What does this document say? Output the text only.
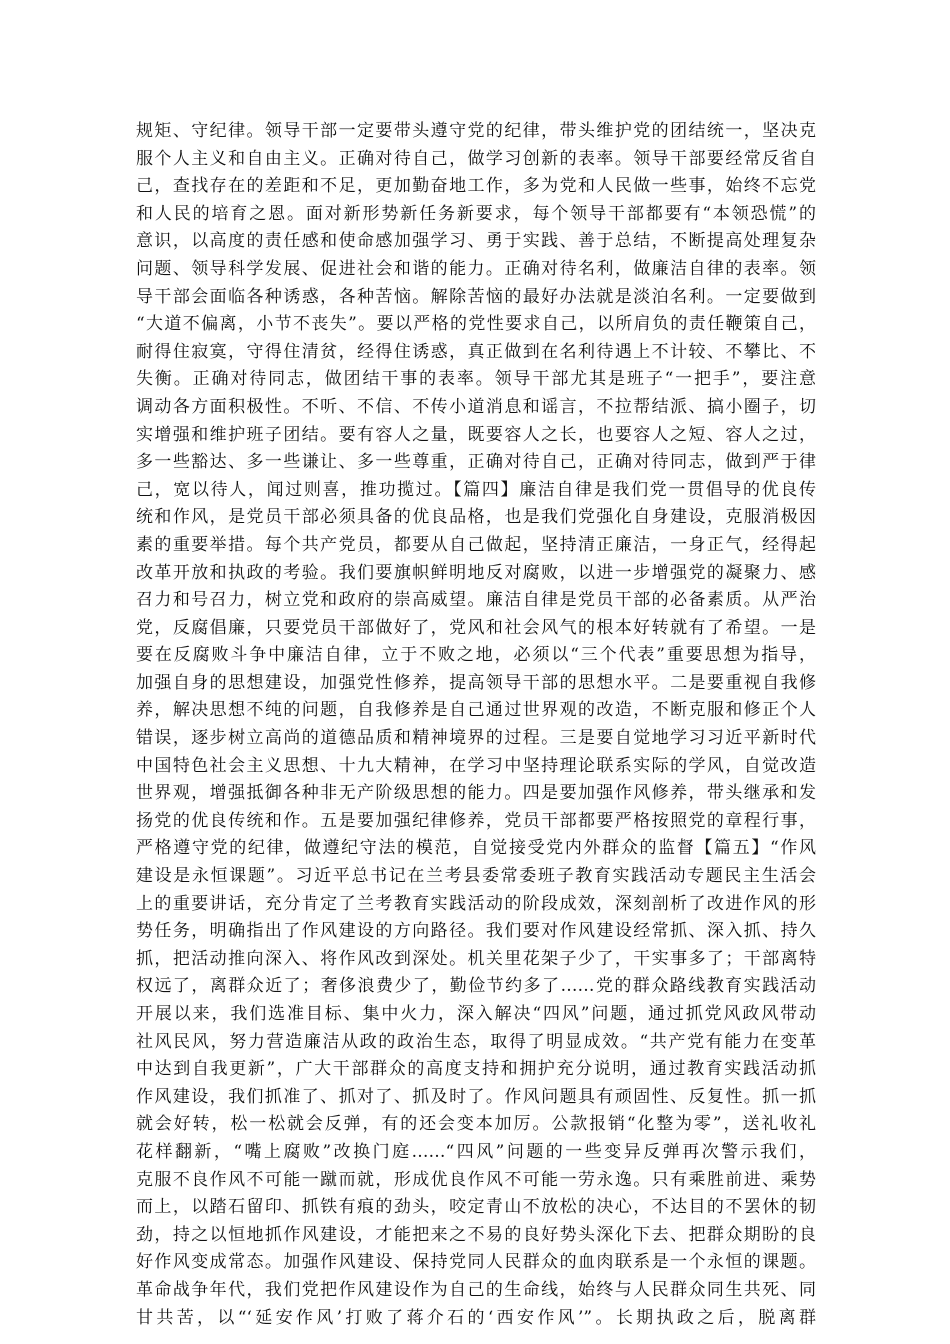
规矩、守纪律。领导干部一定要带头遵守党的纪律，带头维护党的团结统一，坚决克
服个人主义和自由主义。正确对待自己，做学习创新的表率。领导干部要经常反省自
己，查找存在的差距和不足，更加勤奋地工作，多为党和人民做一些事，始终不忘党
和人民的培育之恩。面对新形势新任务新要求，每个领导干部都要有“本领恐慌”的
意识，以高度的责任感和使命感加强学习、勇于实践、善于总结，不断提高处理复杂
问题、领导科学发展、促进社会和谐的能力。正确对待名利，做廉洁自律的表率。领
导干部会面临各种诱惑，各种苦恼。解除苦恼的最好办法就是淡泊名利。一定要做到
“大道不偏离，小节不丧失”。要以严格的党性要求自己，以所肩负的责任鞭策自己，
耐得住寂寞，守得住清贫，经得住诱惑，真正做到在名利待遇上不计较、不攀比、不
失衡。正确对待同志，做团结干事的表率。领导干部尤其是班子“一把手”，要注意
调动各方面积极性。不听、不信、不传小道消息和谣言，不拉帮结派、搞小圈子，切
实增强和维护班子团结。要有容人之量，既要容人之长，也要容人之短、容人之过，
多一些豁达、多一些谦让、多一些尊重，正确对待自己，正确对待同志，做到严于律
己，宽以待人，闻过则喜，推功揽过。【篇四】廉洁自律是我们党一贯倡导的优良传
统和作风，是党员干部必须具备的优良品格，也是我们党强化自身建设，克服消极因
素的重要举措。每个共产党员，都要从自己做起，坚持清正廉洁，一身正气，经得起
改革开放和执政的考验。我们要旗帜鲜明地反对腐败，以进一步增强党的凝聚力、感
召力和号召力，树立党和政府的崇高威望。廉洁自律是党员干部的必备素质。从严治
党，反腐倡廉，只要党员干部做好了，党风和社会风气的根本好转就有了希望。一是
要在反腐败斗争中廉洁自律，立于不败之地，必须以“三个代表”重要思想为指导，
加强自身的思想建设，加强党性修养，提高领导干部的思想水平。二是要重视自我修
养，解决思想不纯的问题，自我修养是自己通过世界观的改造，不断克服和修正个人
错误，逐步树立高尚的道德品质和精神境界的过程。三是要自觉地学习习近平新时代
中国特色社会主义思想、十九大精神，在学习中坚持理论联系实际的学风，自觉改造
世界观，增强抵御各种非无产阶级思想的能力。四是要加强作风修养，带头继承和发
扬党的优良传统和作。五是要加强纪律修养，党员干部都要严格按照党的章程行事，
严格遵守党的纪律，做遵纪守法的模范，自觉接受党内外群众的监督【篇五】“作风
建设是永恒课题”。习近平总书记在兰考县委常委班子教育实践活动专题民主生活会
上的重要讲话，充分肯定了兰考教育实践活动的阶段成效，深刻剖析了改进作风的形
势任务，明确指出了作风建设的方向路径。我们要对作风建设经常抓、深入抓、持久
抓，把活动推向深入、将作风改到深处。机关里花架子少了，干实事多了；干部离特
权远了，离群众近了；奢侈浪费少了，勤俭节约多了……党的群众路线教育实践活动
开展以来，我们选准目标、集中火力，深入解决“四风”问题，通过抓党风政风带动
社风民风，努力营造廉洁从政的政治生态，取得了明显成效。“共产党有能力在变革
中达到自我更新”，广大干部群众的高度支持和拥护充分说明，通过教育实践活动抓
作风建设，我们抓准了、抓对了、抓及时了。作风问题具有顽固性、反复性。抓一抓
就会好转，松一松就会反弹，有的还会变本加厉。公款报销“化整为零”，送礼收礼
花样翻新，“嘴上腐败”改换门庭……“四风”问题的一些变异反弹再次警示我们，
克服不良作风不可能一蹴而就，形成优良作风不可能一劳永逸。只有乘胜前进、乘势
而上，以踏石留印、抓铁有痕的劲头，咬定青山不放松的决心，不达目的不罢休的韧
劲，持之以恒地抓作风建设，才能把来之不易的良好势头深化下去、把群众期盼的良
好作风变成常态。加强作风建设、保持党同人民群众的血肉联系是一个永恒的课题。
革命战争年代，我们党把作风建设作为自己的生命线，始终与人民群众同生共死、同
甘共苦，以“‘延安作风’打败了蒋介石的‘西安作风’”。长期执政之后，脱离群
